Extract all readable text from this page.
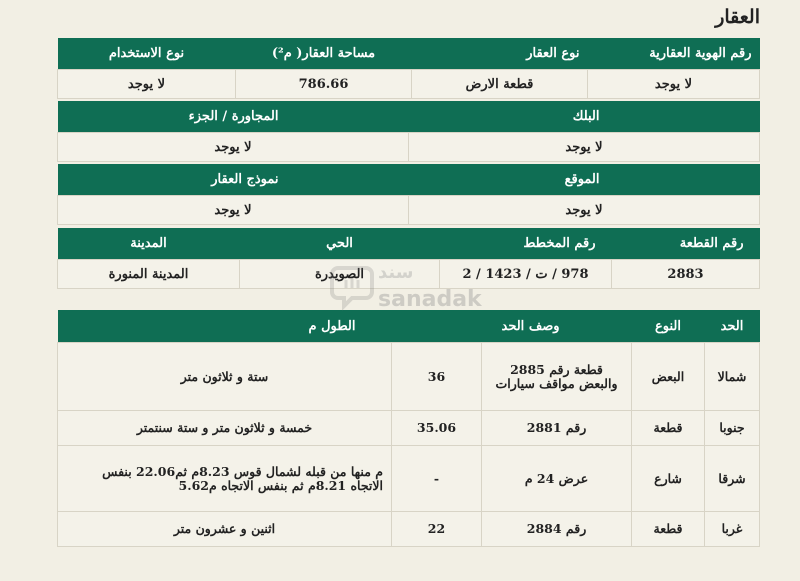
العقار
رقم الهوية العقارية	نوع العقار	مساحة العقار( م²)	نوع الاستخدام
لا يوجد	قطعة الارض	786.66	لا يوجد
البلك	المجاورة / الجزء
لا يوجد	لا يوجد
الموقع	نموذج العقار
لا يوجد	لا يوجد
رقم القطعة	رقم المخطط	الحي	المدينة
2883	978 / ت / 1423 / 2	الصويدرة	المدينة المنورة
الحد	النوع	وصف الحد		الطول م
شمالا	البعض	قطعة رقم 2885 والبعض مواقف سيارات	36	ستة و ثلاثون متر
جنوبا	قطعة	رقم 2881	35.06	خمسة و ثلاثون متر و ستة سنتمتر
شرقا	شارع	عرض 24 م	-	م منها من قبله لشمال قوس 8.23م ثم22.06 بنفس الاتجاه 8.21م ثم بنفس الاتجاه م5.62
غربا	قطعة	رقم 2884	22	اثنين و عشرون متر
سند
sanadak
